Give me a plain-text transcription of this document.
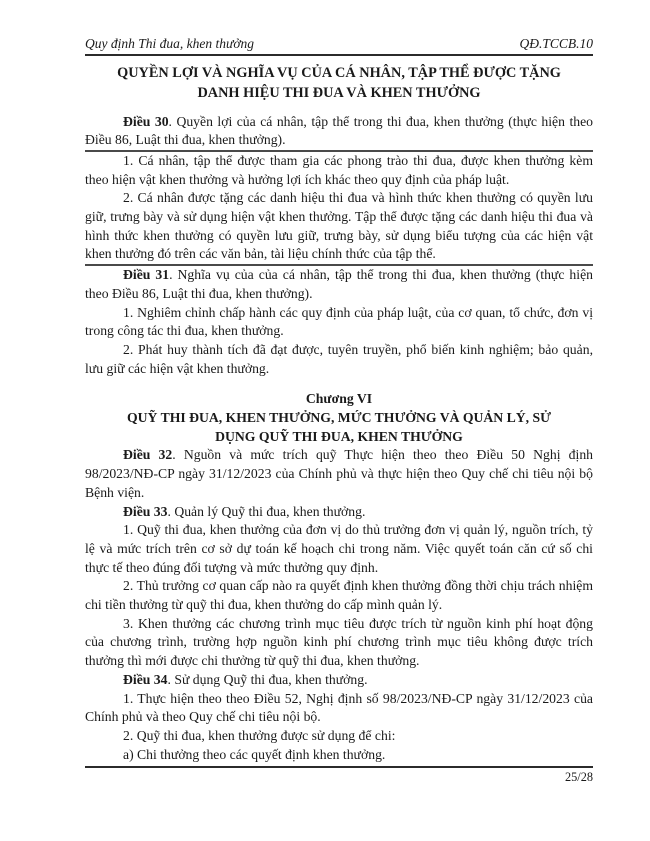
Quy định Thi đua, khen thưởng	QĐ.TCCB.10
QUYỀN LỢI VÀ NGHĨA VỤ CỦA CÁ NHÂN, TẬP THỂ ĐƯỢC TẶNG
DANH HIỆU THI ĐUA VÀ KHEN THƯỞNG

Điều 30. Quyền lợi của cá nhân, tập thể trong thi đua, khen thưởng (thực hiện theo Điều 86, Luật thi đua, khen thưởng).

1. Cá nhân, tập thể được tham gia các phong trào thi đua, được khen thưởng kèm theo hiện vật khen thưởng và hưởng lợi ích khác theo quy định của pháp luật.

2. Cá nhân được tặng các danh hiệu thi đua và hình thức khen thưởng có quyền lưu giữ, trưng bày và sử dụng hiện vật khen thưởng. Tập thể được tặng các danh hiệu thi đua và hình thức khen thưởng có quyền lưu giữ, trưng bày, sử dụng biểu tượng của các hiện vật khen thưởng đó trên các văn bản, tài liệu chính thức của tập thể.

Điều 31. Nghĩa vụ của của cá nhân, tập thể trong thi đua, khen thưởng (thực hiện theo Điều 86, Luật thi đua, khen thưởng).

1. Nghiêm chỉnh chấp hành các quy định của pháp luật, của cơ quan, tổ chức, đơn vị trong công tác thi đua, khen thưởng.

2. Phát huy thành tích đã đạt được, tuyên truyền, phổ biến kinh nghiệm; bảo quản, lưu giữ các hiện vật khen thưởng.

Chương VI
QUỸ THI ĐUA, KHEN THƯỞNG, MỨC THƯỞNG VÀ QUẢN LÝ, SỬ
DỤNG QUỸ THI ĐUA, KHEN THƯỞNG

Điều 32. Nguồn và mức trích quỹ Thực hiện theo theo Điều 50 Nghị định 98/2023/NĐ-CP ngày 31/12/2023 của Chính phủ và thực hiện theo Quy chế chi tiêu nội bộ Bệnh viện.

Điều 33. Quản lý Quỹ thi đua, khen thưởng.

1. Quỹ thi đua, khen thưởng của đơn vị do thủ trưởng đơn vị quản lý, nguồn trích, tỷ lệ và mức trích trên cơ sở dự toán kế hoạch chi trong năm. Việc quyết toán căn cứ số chi thực tế theo đúng đối tượng và mức thưởng quy định.

2. Thủ trưởng cơ quan cấp nào ra quyết định khen thưởng đồng thời chịu trách nhiệm chi tiền thưởng từ quỹ thi đua, khen thưởng do cấp mình quản lý.

3. Khen thưởng các chương trình mục tiêu được trích từ nguồn kinh phí hoạt động của chương trình, trường hợp nguồn kinh phí chương trình mục tiêu không được trích thưởng thì mới được chi thưởng từ quỹ thi đua, khen thưởng.

Điều 34. Sử dụng Quỹ thi đua, khen thưởng.

1. Thực hiện theo theo Điều 52, Nghị định số 98/2023/NĐ-CP ngày 31/12/2023 của Chính phủ và theo Quy chế chi tiêu nội bộ.

2. Quỹ thi đua, khen thưởng được sử dụng để chi:

a) Chi thưởng theo các quyết định khen thưởng.

25/28
